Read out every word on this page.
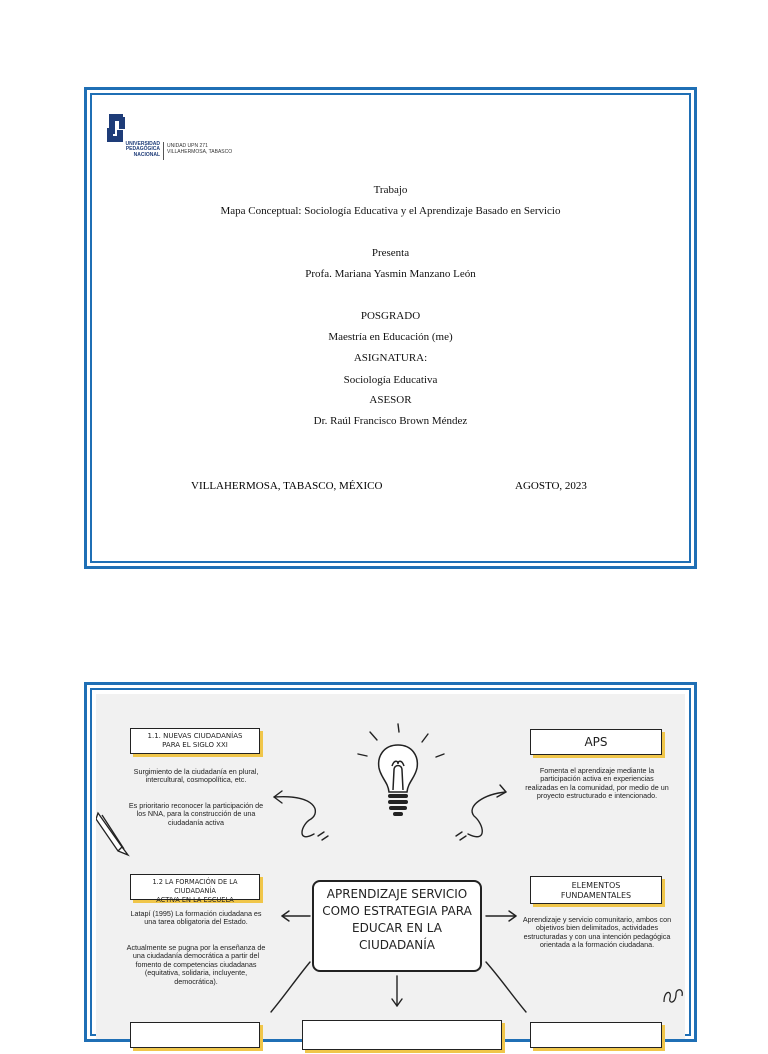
UNIVERSIDAD
PEDAGÓGICA
NACIONAL
UNIDAD UPN 271
VILLAHERMOSA, TABASCO
Trabajo
Mapa Conceptual: Sociología Educativa y el Aprendizaje Basado en Servicio
Presenta
Profa. Mariana Yasmin Manzano León
POSGRADO
Maestría en Educación (me)
ASIGNATURA:
Sociología Educativa
ASESOR
Dr. Raúl Francisco Brown Méndez
VILLAHERMOSA, TABASCO, MÉXICO	AGOSTO, 2023
1.1. NUEVAS CIUDADANÍAS
PARA EL SIGLO XXI
Surgimiento de la ciudadanía en plural, intercultural, cosmopolítica, etc.
Es prioritario reconocer la participación de los NNA, para la construcción de una ciudadanía activa
1.2 LA FORMACIÓN DE LA CIUDADANÍA
ACTIVA EN LA ESCUELA
Latapí (1995) La formación ciudadana es una tarea obligatoria del Estado.
Actualmente se pugna por la enseñanza de una ciudadanía democrática a partir del fomento de competencias ciudadanas (equitativa, solidaria, incluyente, democrática).
APRENDIZAJE SERVICIO
COMO ESTRATEGIA PARA
EDUCAR EN LA
CIUDADANÍA
APS
Fomenta el aprendizaje mediante la participación activa en experiencias realizadas en la comunidad, por medio de un proyecto estructurado e intencionado.
ELEMENTOS
FUNDAMENTALES
Aprendizaje y servicio comunitario, ambos con objetivos bien delimitados, actividades estructuradas y con una intención pedagógica orientada a la formación ciudadana.
